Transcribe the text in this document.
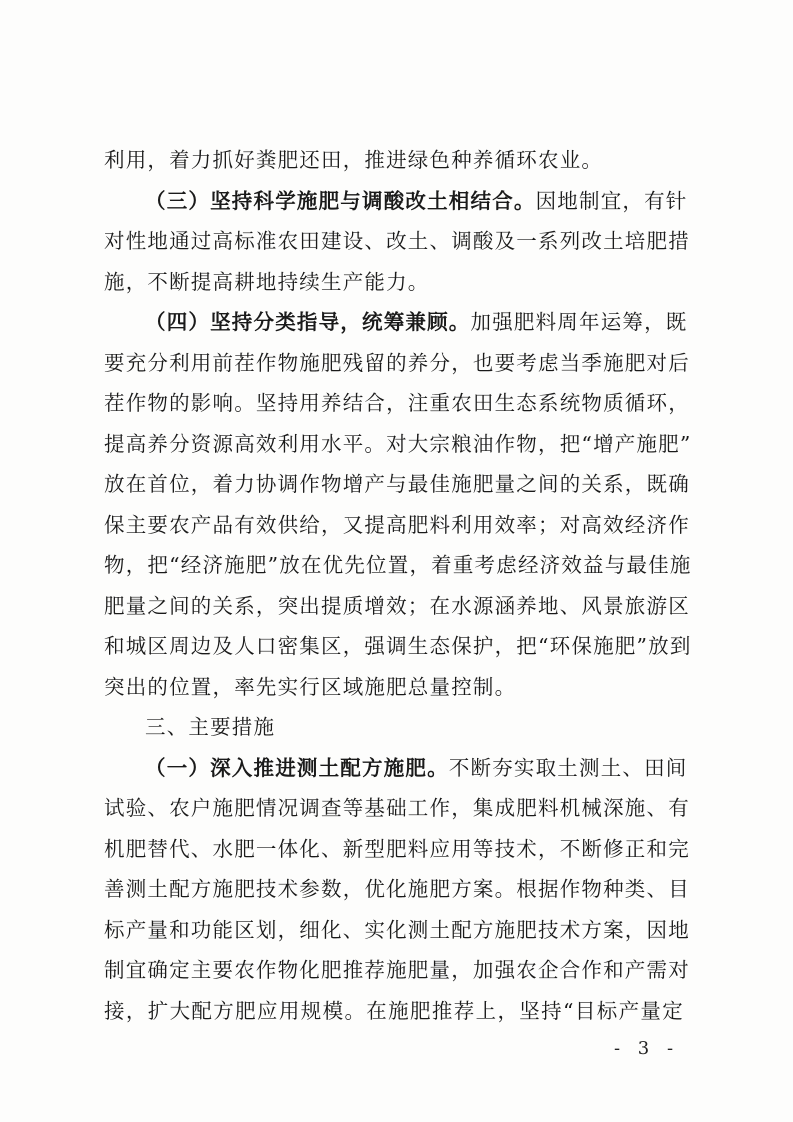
利用，着力抓好粪肥还田，推进绿色种养循环农业。
（三）坚持科学施肥与调酸改土相结合。因地制宜，有针
对性地通过高标准农田建设、改土、调酸及一系列改土培肥措
施，不断提高耕地持续生产能力。
（四）坚持分类指导，统筹兼顾。加强肥料周年运筹，既
要充分利用前茬作物施肥残留的养分，也要考虑当季施肥对后
茬作物的影响。坚持用养结合，注重农田生态系统物质循环，
提高养分资源高效利用水平。对大宗粮油作物，把“增产施肥”
放在首位，着力协调作物增产与最佳施肥量之间的关系，既确
保主要农产品有效供给，又提高肥料利用效率；对高效经济作
物，把“经济施肥”放在优先位置，着重考虑经济效益与最佳施
肥量之间的关系，突出提质增效；在水源涵养地、风景旅游区
和城区周边及人口密集区，强调生态保护，把“环保施肥”放到
突出的位置，率先实行区域施肥总量控制。
三、主要措施
（一）深入推进测土配方施肥。不断夯实取土测土、田间
试验、农户施肥情况调查等基础工作，集成肥料机械深施、有
机肥替代、水肥一体化、新型肥料应用等技术，不断修正和完
善测土配方施肥技术参数，优化施肥方案。根据作物种类、目
标产量和功能区划，细化、实化测土配方施肥技术方案，因地
制宜确定主要农作物化肥推荐施肥量，加强农企合作和产需对
接，扩大配方肥应用规模。在施肥推荐上，坚持“目标产量定
- 3 -
